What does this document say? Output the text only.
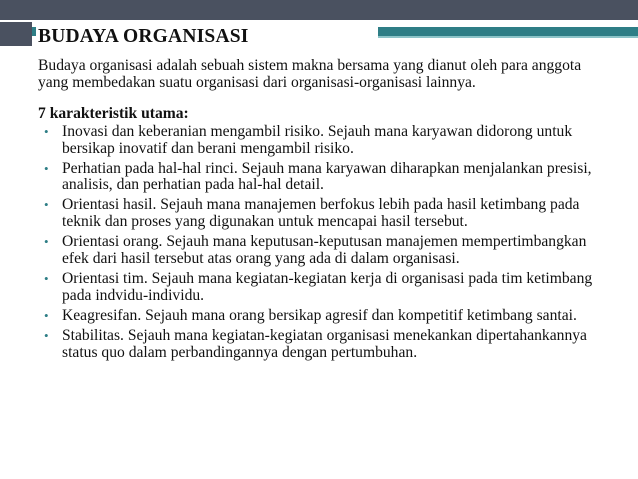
BUDAYA ORGANISASI

Budaya organisasi adalah sebuah sistem makna bersama yang dianut oleh para anggota yang membedakan suatu organisasi dari organisasi-organisasi lainnya.

7 karakteristik utama:

• Inovasi dan keberanian mengambil risiko. Sejauh mana karyawan didorong untuk bersikap inovatif dan berani mengambil risiko.
• Perhatian pada hal-hal rinci. Sejauh mana karyawan diharapkan menjalankan presisi, analisis, dan perhatian pada hal-hal detail.
• Orientasi hasil. Sejauh mana manajemen berfokus lebih pada hasil ketimbang pada teknik dan proses yang digunakan untuk mencapai hasil tersebut.
• Orientasi orang. Sejauh mana keputusan-keputusan manajemen mempertimbangkan efek dari hasil tersebut atas orang yang ada di dalam organisasi.
• Orientasi tim. Sejauh mana kegiatan-kegiatan kerja di organisasi pada tim ketimbang pada indvidu-individu.
• Keagresifan. Sejauh mana orang bersikap agresif dan kompetitif ketimbang santai.
• Stabilitas. Sejauh mana kegiatan-kegiatan organisasi menekankan dipertahankannya status quo dalam perbandingannya dengan pertumbuhan.
